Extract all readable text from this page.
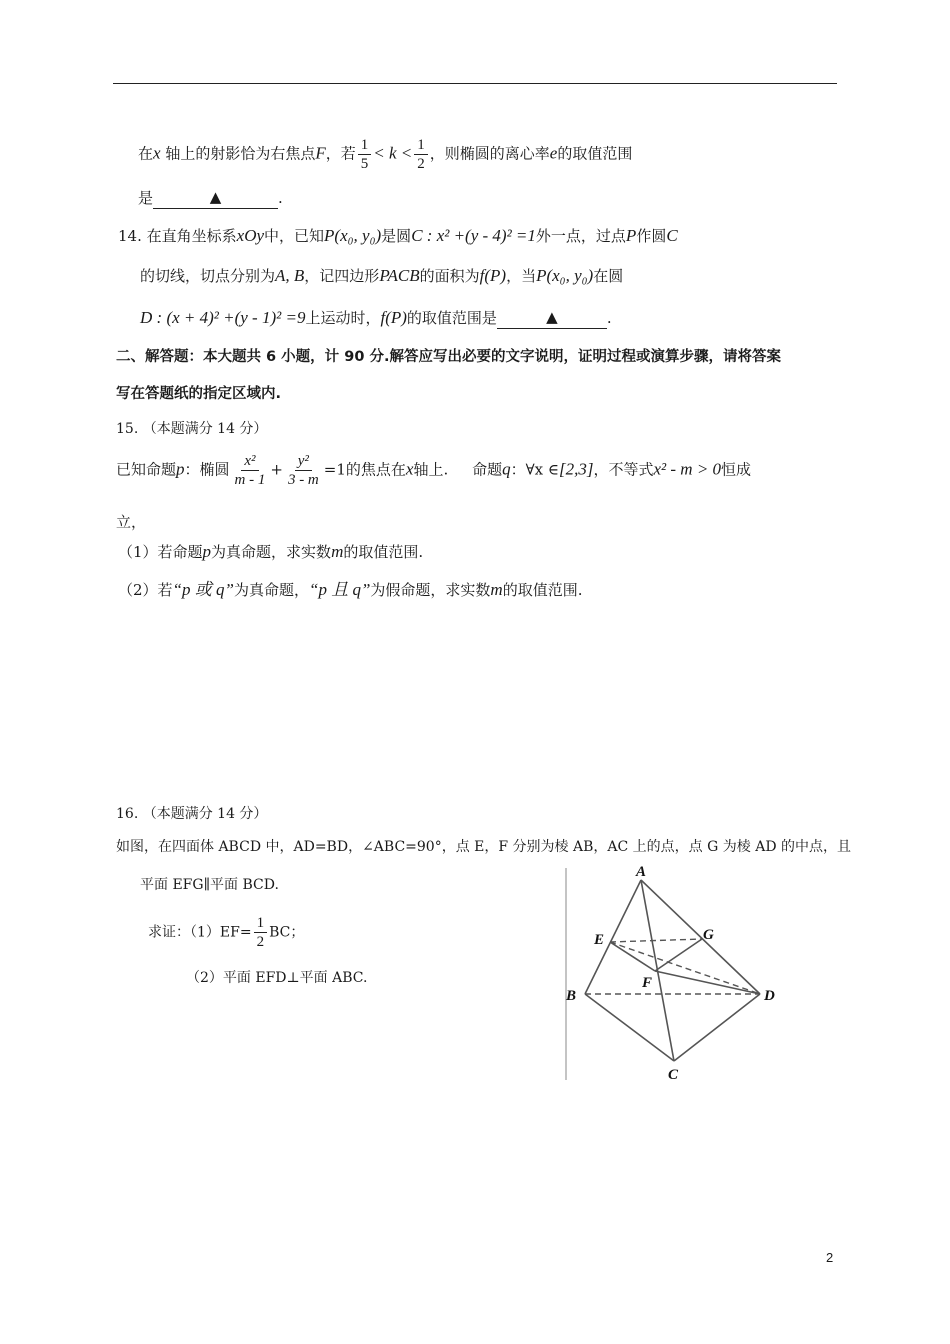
在x 轴上的射影恰为右焦点F，若 $\frac{1}{5} < k < \frac{1}{2}$ ，则椭圆的离心率e的取值范围
是	▲	.
14. 在直角坐标系xOy中，已知P(x₀, y₀)是圆C : x² +(y - 4)² =1外一点，过点P作圆C
的切线，切点分别为A, B，记四边形PACB的面积为f(P)，当P(x₀, y₀)在圆
D : (x + 4)² +(y - 1)² =9上运动时，f(P)的取值范围是	▲	.
二、解答题：本大题共 6 小题，计 90 分.解答应写出必要的文字说明，证明过程或演算步骤，请将答案
写在答题纸的指定区域内.
15. （本题满分 14 分）
已知命题p：椭圆 $\frac{\text{x²}}{m - 1} + \frac{\text{y²}}{3 - m} =1$的焦点在x轴上. 命题q：∀x ∈[2,3]，不等式x² - m > 0恒成
立，
（1）若命题p为真命题，求实数m的取值范围.
（2）若“p 或 q”为真命题，“p 且 q”为假命题，求实数m的取值范围.
16. （本题满分 14 分）
如图，在四面体 ABCD 中，AD=BD，∠ABC=90°，点 E，F 分别为棱 AB，AC 上的点，点 G 为棱 AD 的中点，且
平面 EFG∥平面 BCD.
求证：$(1)EF= \frac{1}{2}$ BC；
（2）平面 EFD⊥平面 ABC.
A
E	G
F
B	D
C
2
